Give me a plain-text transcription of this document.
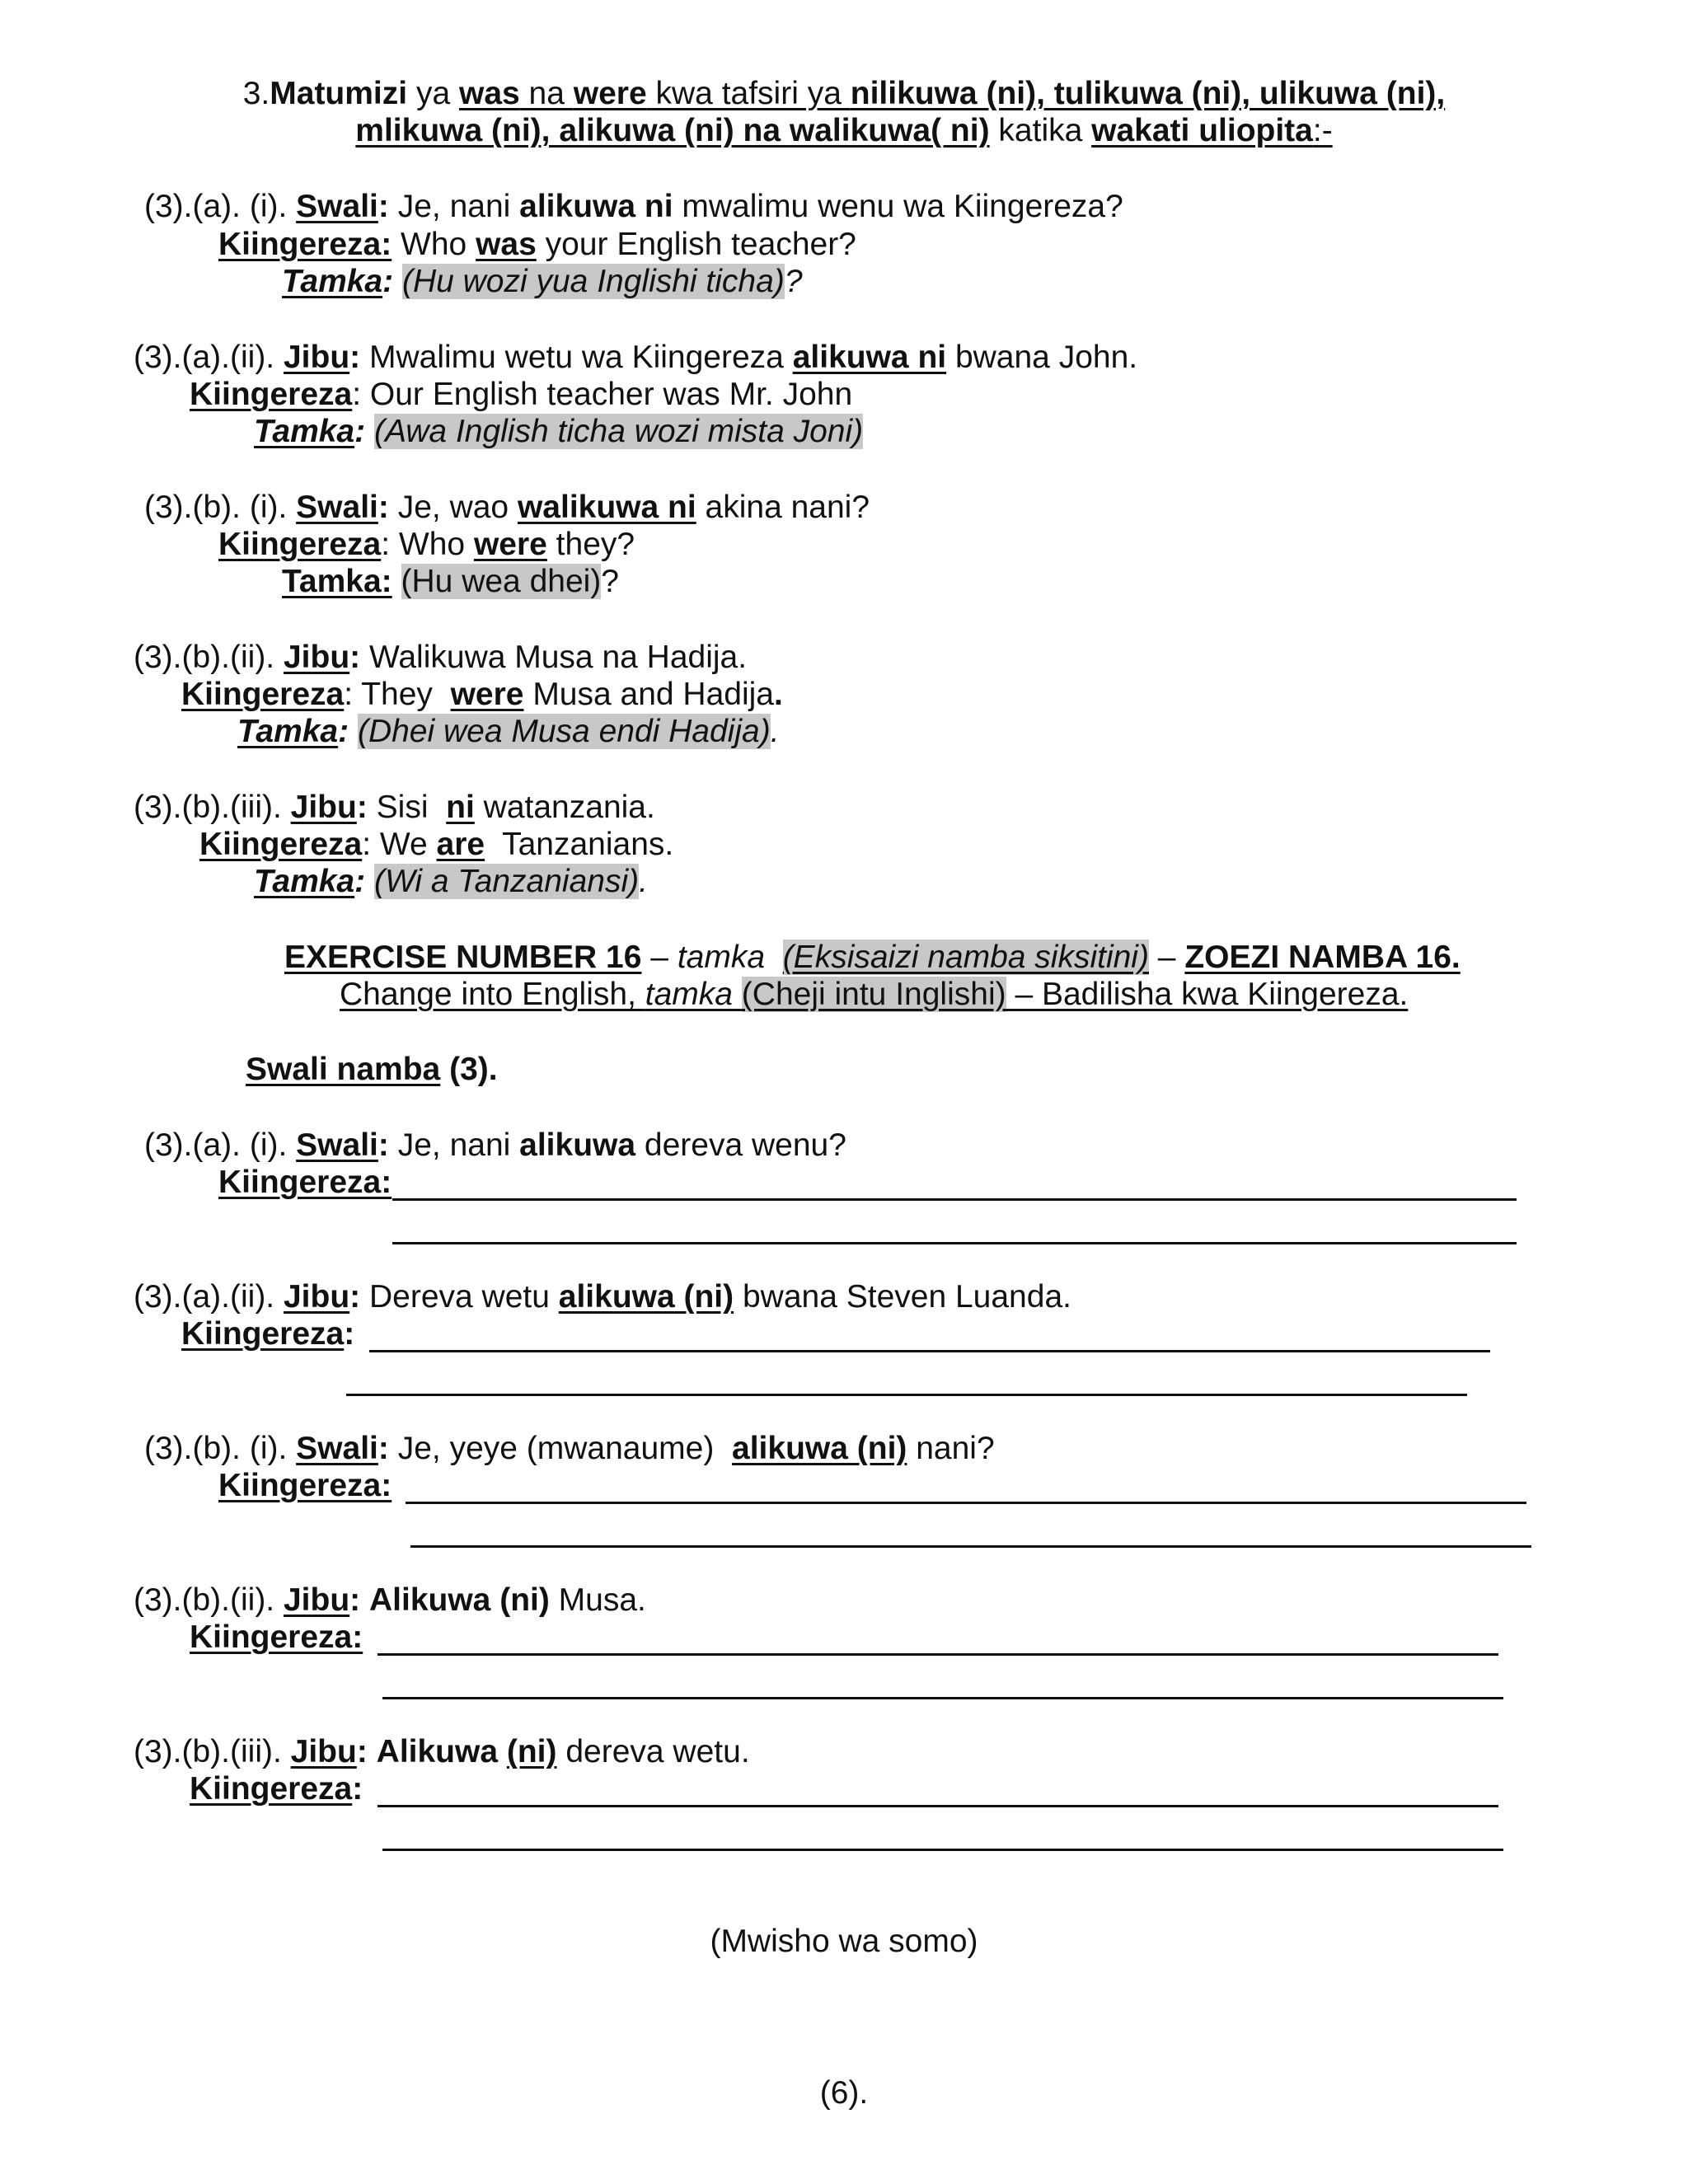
3.Matumizi ya was na were kwa tafsiri ya nilikuwa (ni), tulikuwa (ni), ulikuwa (ni),
mlikuwa (ni), alikuwa (ni) na walikuwa( ni) katika wakati uliopita:-
(3).(a). (i). Swali: Je, nani alikuwa ni mwalimu wenu wa Kiingereza?
Kiingereza: Who was your English teacher?
Tamka: (Hu wozi yua Inglishi ticha)?
(3).(a).(ii). Jibu: Mwalimu wetu wa Kiingereza alikuwa ni bwana John.
Kiingereza: Our English teacher was Mr. John
Tamka: (Awa Inglish ticha wozi mista Joni)
(3).(b). (i). Swali: Je, wao walikuwa ni akina nani?
Kiingereza: Who were they?
Tamka: (Hu wea dhei)?
(3).(b).(ii). Jibu: Walikuwa Musa na Hadija.
Kiingereza: They  were Musa and Hadija.
Tamka: (Dhei wea Musa endi Hadija).
(3).(b).(iii). Jibu: Sisi  ni watanzania.
Kiingereza: We are  Tanzanians.
Tamka: (Wi a Tanzaniansi).
EXERCISE NUMBER 16 – tamka (Eksisaizi namba siksitini) – ZOEZI NAMBA 16.
Change into English, tamka (Cheji intu Inglishi) – Badilisha kwa Kiingereza.
Swali namba (3).
(3).(a). (i). Swali: Je, nani alikuwa dereva wenu?
Kiingereza:
(3).(a).(ii). Jibu: Dereva wetu alikuwa (ni) bwana Steven Luanda.
Kiingereza:
(3).(b). (i). Swali: Je, yeye (mwanaume)  alikuwa (ni) nani?
Kiingereza:
(3).(b).(ii). Jibu: Alikuwa (ni) Musa.
Kiingereza:
(3).(b).(iii). Jibu: Alikuwa (ni) dereva wetu.
Kiingereza:
(Mwisho wa somo)
(6).
